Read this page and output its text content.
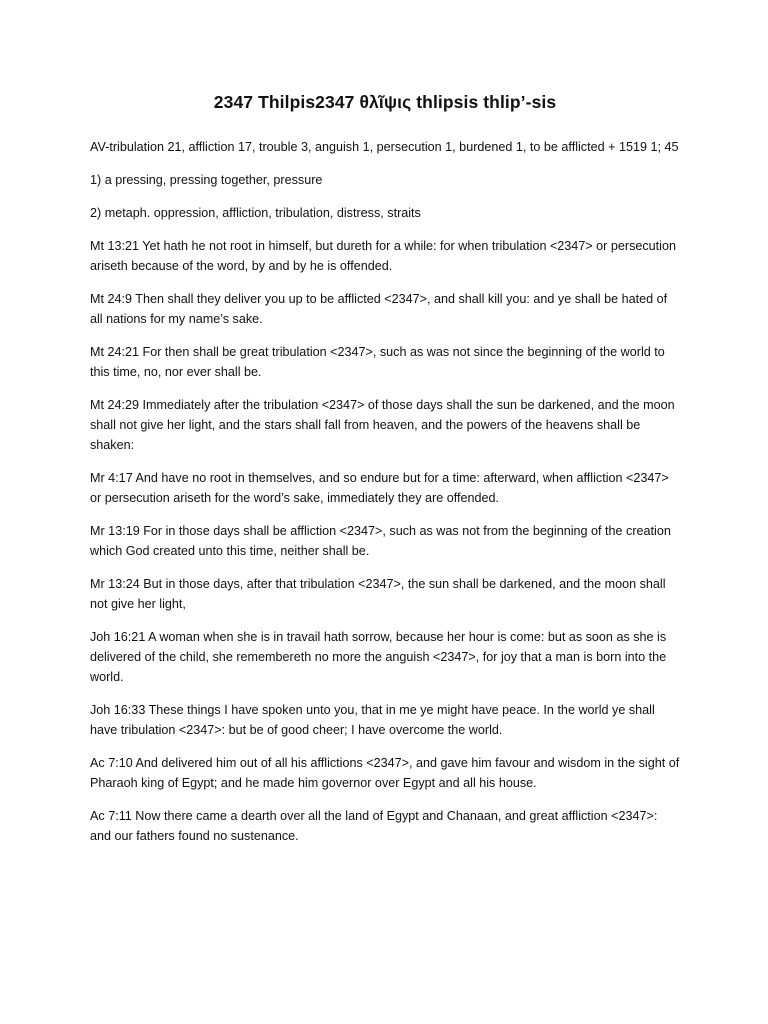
2347 Thilpis2347 θλῖψις thlipsis thlip’-sis

AV-tribulation 21, affliction 17, trouble 3, anguish 1, persecution 1, burdened 1, to be afflicted + 1519 1; 45

1) a pressing, pressing together, pressure

2) metaph. oppression, affliction, tribulation, distress, straits

Mt 13:21 Yet hath he not root in himself, but dureth for a while: for when tribulation <2347> or persecution ariseth because of the word, by and by he is offended.

Mt 24:9 Then shall they deliver you up to be afflicted <2347>, and shall kill you: and ye shall be hated of all nations for my name’s sake.

Mt 24:21 For then shall be great tribulation <2347>, such as was not since the beginning of the world to this time, no, nor ever shall be.

Mt 24:29 Immediately after the tribulation <2347> of those days shall the sun be darkened, and the moon shall not give her light, and the stars shall fall from heaven, and the powers of the heavens shall be shaken:

Mr 4:17 And have no root in themselves, and so endure but for a time: afterward, when affliction <2347> or persecution ariseth for the word’s sake, immediately they are offended.

Mr 13:19 For in those days shall be affliction <2347>, such as was not from the beginning of the creation which God created unto this time, neither shall be.

Mr 13:24 But in those days, after that tribulation <2347>, the sun shall be darkened, and the moon shall not give her light,

Joh 16:21 A woman when she is in travail hath sorrow, because her hour is come: but as soon as she is delivered of the child, she remembereth no more the anguish <2347>, for joy that a man is born into the world.

Joh 16:33 These things I have spoken unto you, that in me ye might have peace. In the world ye shall have tribulation <2347>: but be of good cheer; I have overcome the world.

Ac 7:10 And delivered him out of all his afflictions <2347>, and gave him favour and wisdom in the sight of Pharaoh king of Egypt; and he made him governor over Egypt and all his house.

Ac 7:11 Now there came a dearth over all the land of Egypt and Chanaan, and great affliction <2347>: and our fathers found no sustenance.
